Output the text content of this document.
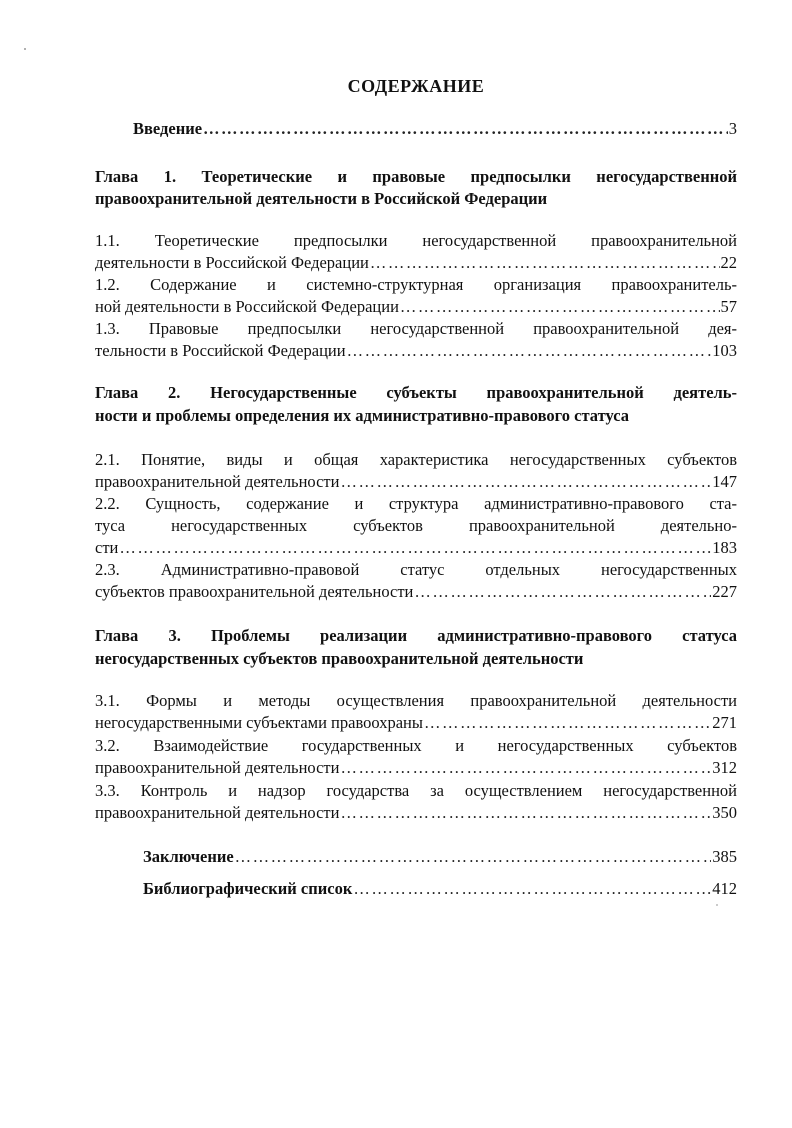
СОДЕРЖАНИЕ
Введение …………………………………………………………………………………………………………………………………………	3
Глава 1. Теоретические и правовые предпосылки негосударственной
правоохранительной деятельности в Российской Федерации
1.1. Теоретические предпосылки негосударственной правоохранительной
деятельности в Российской Федерации …………………………………………………………………………………………………………………………………………	22
1.2. Содержание и системно-структурная организация правоохранитель-
ной деятельности в Российской Федерации …………………………………………………………………………………………………………………………………………	57
1.3. Правовые предпосылки негосударственной правоохранительной дея-
тельности в Российской Федерации …………………………………………………………………………………………………………………………………………	103
Глава 2. Негосударственные субъекты правоохранительной деятель-
ности и проблемы определения их административно-правового статуса
2.1. Понятие, виды и общая характеристика негосударственных субъектов
правоохранительной деятельности …………………………………………………………………………………………………………………………………………	147
2.2. Сущность, содержание и структура административно-правового ста-
туса негосударственных субъектов правоохранительной деятельно-
сти …………………………………………………………………………………………………………………………………………	183
2.3. Административно-правовой статус отдельных негосударственных
субъектов правоохранительной деятельности …………………………………………………………………………………………………………………………………………	227
Глава 3. Проблемы реализации административно-правового статуса
негосударственных субъектов правоохранительной деятельности
3.1. Формы и методы осуществления правоохранительной деятельности
негосударственными субъектами правоохраны …………………………………………………………………………………………………………………………………………	271
3.2. Взаимодействие государственных и негосударственных субъектов
правоохранительной деятельности …………………………………………………………………………………………………………………………………………	312
3.3. Контроль и надзор государства за осуществлением негосударственной
правоохранительной деятельности …………………………………………………………………………………………………………………………………………	350
Заключение …………………………………………………………………………………………………………………………………………	385
Библиографический список …………………………………………………………………………………………………………………………………………	412
